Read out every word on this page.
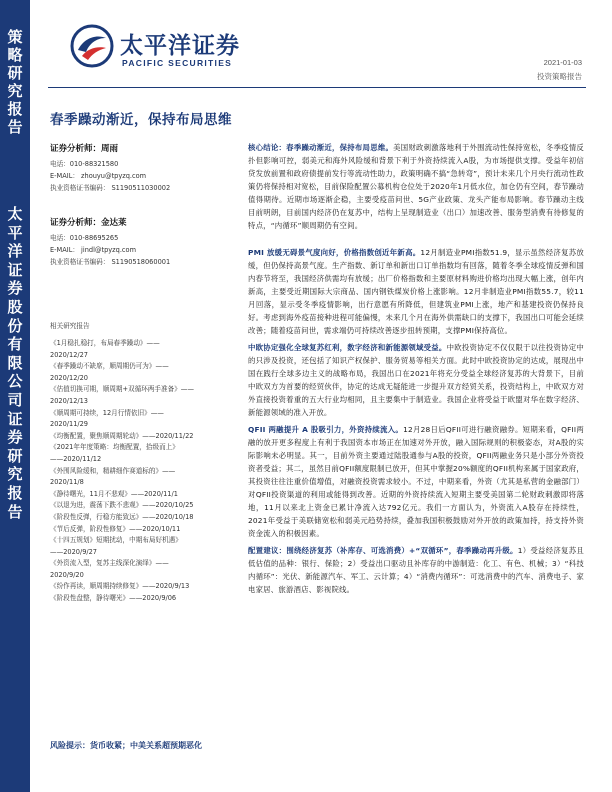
策略研究报告
太平洋证券股份有限公司证券研究报告
太平洋证券
PACIFIC SECURITIES	2021-01-03
投资策略报告
春季躁动渐近，保持布局思维
证券分析师：周雨
电话：010-88321580
E-MAIL： zhouyu@tpyzq.com
执业资格证书编码： S1190511030002
证券分析师：金达莱
电话：010-88695265
E-MAIL： jindl@tpyzq.com
执业资格证书编码： S1190518060001
相关研究报告
《1月稳扎稳打，布局春季躁动》——
2020/12/27
《春季躁动不缺席，顺周期仍可为》——
2020/12/20
《估值切换可期，顺周期+双循环两手准备》——
2020/12/13
《顺周期可持续，12月行情依旧》——
2020/11/29
《均衡配置，聚焦顺周期轮动》——2020/11/22
《2021年年度策略：均衡配置，拾级而上》
——2020/11/12
《外围风险缓和，精耕细作赛道标的》——
2020/11/8
《静待曙光，11月不悲观》——2020/11/1
《以退为进，震荡下跌不悲观》——2020/10/25
《阶段性反弹，行稳方能致远》——2020/10/18
《节后反弹，阶段性修复》——2020/10/11
《十四五规划》短期扰动，中期布局好机遇》
——2020/9/27
《外资流入型，复苏主线深化演绎》——
2020/9/20
《纷作再读，顺周期持续修复》——2020/9/13
《阶段性盘整，静待曙光》——2020/9/06
风险提示：货币收紧；中美关系超预期恶化

核心结论：春季躁动渐近，保持布局思维。美国财政刺激落地利于外围流动性保持宽松，冬季疫情反扑但影响可控，弱美元和海外风险缓和背景下利于外资持续流入A股，为市场提供支撑。受益年初信贷发放前置和政府债提前发行等流动性助力，政策明确不搞“急转弯”，预计未来几个月央行流动性政策仍将保持相对宽松，目前保险配置公募机构仓位处于2020年1月低水位，加仓仍有空间，春节躁动值得期待。近期市场逐渐企稳，主要受疫苗问世、5G产业政策、龙头产能布局影响。春节躁动主线目前明朗，目前国内经济仍在复苏中，结构上呈现制造业（出口）加速改善、服务型消费有待修复的特点，“内循环”顺周期仍有空间。

PMI 放缓无碍景气度向好，价格指数创近年新高。12月制造业PMI指数51.9，显示虽然经济复苏放缓，但仍保持高景气度。生产指数、新订单和新出口订单指数均有回落，随着冬季全球疫情反弹和国内春节将至，我国经济供需均有放缓；出厂价格指数和主要原材料购进价格均出现大幅上涨，创年内新高，主要受近期国际大宗商品、国内钢铁煤炭价格上涨影响。12月非制造业PMI指数55.7，较11月回落，显示受冬季疫情影响，出行意愿有所降低，但建筑业PMI上涨，地产和基建投资仍保持良好。考虑到海外疫苗接种进程可能偏慢，未来几个月在海外供需缺口的支撑下，我国出口可能会延续改善；随着疫苗问世，需求端仍可持续改善逐步扭转预期，支撑PMI保持高位。

中欧协定强化全球复苏红利，数字经济和新能源领域受益。中欧投资协定不仅仅限于以往投资协定中的只涉及投资，还包括了知识产权保护、服务贸易等相关方面。此时中欧投资协定的达成，展现出中国在践行全球多边主义的战略布局，我国出口在2021年将充分受益全球经济复苏的大背景下，目前中欧双方为首要的经贸伙伴，协定的达成无疑能进一步提升双方经贸关系，投资结构上，中欧双方对外直接投资着重的五大行业均相同，且主要集中于制造业。我国企业将受益于欧盟对华在数字经济、新能源领域的准入开放。

QFII 两融提升 A 股吸引力，外资持续流入。12月28日后QFII可进行融资融券。短期来看，QFII两融的放开更多程度上有利于我国资本市场正在加速对外开放，融入国际规则的积极姿态，对A股的实际影响未必明显。其一，目前外资主要通过陆股通参与A股的投资，QFII两融业务只是小部分外资投资者受益；其二，虽然目前QFII额度限制已放开，但其中掌握20%额度的QFII机构来属于国家政府，其投资往往注重价值增值，对融资投资需求较小。不过，中期来看，外资（尤其是私营的金融部门）对QFII投资渠道的利用或能得到改善。近期的外资持续流入短期主要受美国第二轮财政刺激即将落地，11月以来北上资金已累计净流入达792亿元。我们一方面认为，外资流入A股存在持续性，2021年受益于美联储宽松和弱美元趋势持续，叠加我国积极鼓励对外开放的政策加持，持支持外资资金流入的积极因素。

配置建议：围绕经济复苏（补库存、可选消费）+“双循环”，春季躁动再升级。1）受益经济复苏且低估值的品种：银行、保险；2）受益出口驱动且补库存的中游制造：化工、有色、机械；3）“科技内循环”：光伏、新能源汽车、军工、云计算；4）“消费内循环”：可选消费中的汽车、消费电子、家电家居、旅游酒店、影视院线。
